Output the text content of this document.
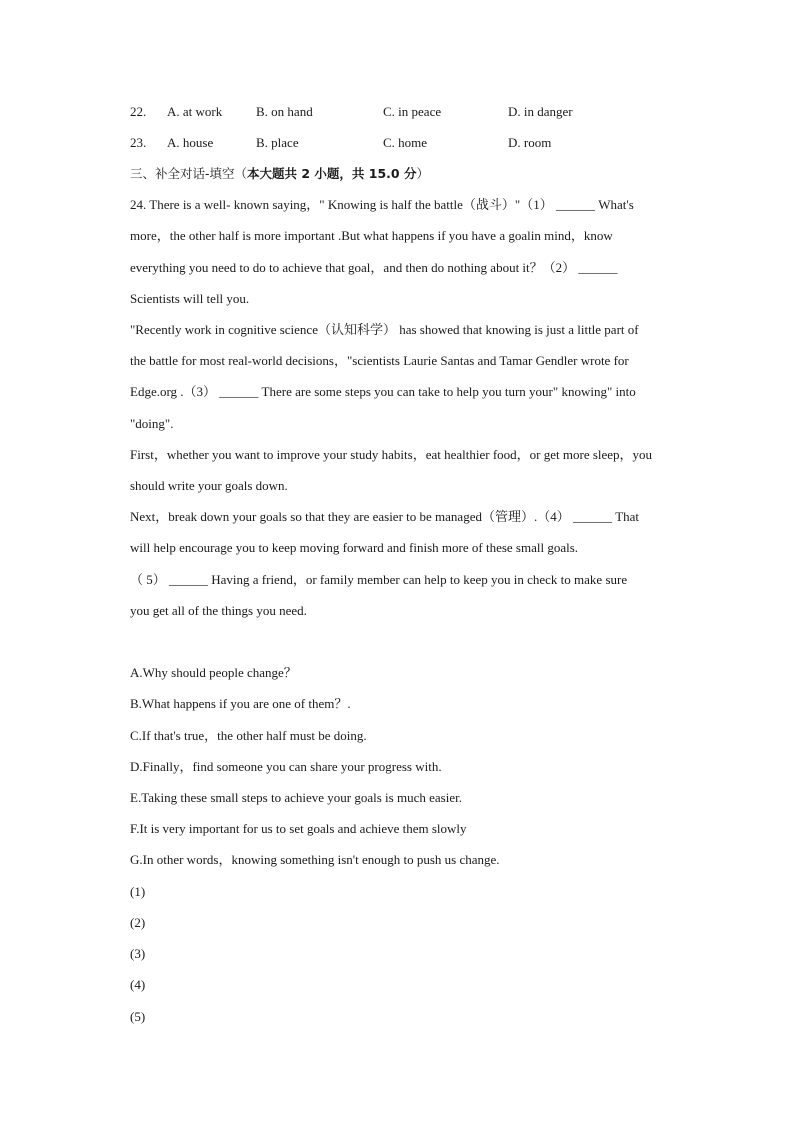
22. A. at work	B. on hand	C. in peace	D. in danger
23. A. house	B. place	C. home	D. room
三、补全对话-填空（本大题共 2 小题，共 15.0 分）
24. There is a well- known saying，" Knowing is half the battle（战斗）"（1） ______ What's
more，the other half is more important .But what happens if you have a goalin mind，know
everything you need to do to achieve that goal，and then do nothing about it？（2） ______
Scientists will tell you.
"Recently work in cognitive science（认知科学） has showed that knowing is just a little part of
the battle for most real-world decisions，"scientists Laurie Santas and Tamar Gendler wrote for
Edge.org .（3） ______ There are some steps you can take to help you turn your" knowing" into
"doing".
First，whether you want to improve your study habits，eat healthier food，or get more sleep，you
should write your goals down.
Next，break down your goals so that they are easier to be managed（管理）.（4） ______ That
will help encourage you to keep moving forward and finish more of these small goals.
（ 5） ______ Having a friend，or family member can help to keep you in check to make sure
you get all of the things you need.
A.Why should people change？
B.What happens if you are one of them？.
C.If that's true，the other half must be doing.
D.Finally，find someone you can share your progress with.
E.Taking these small steps to achieve your goals is much easier.
F.It is very important for us to set goals and achieve them slowly
G.In other words，knowing something isn't enough to push us change.
(1)
(2)
(3)
(4)
(5)
